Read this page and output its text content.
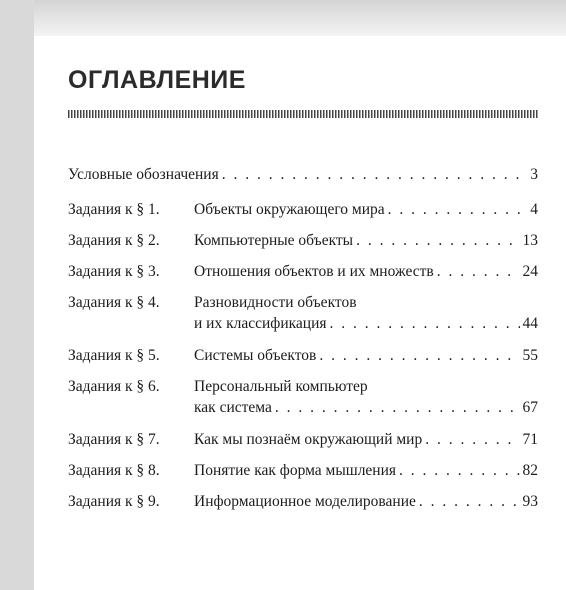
ОГЛАВЛЕНИЕ
Условные обозначения . . .	3
Задания к § 1.	Объекты окружающего мира . . .	4
Задания к § 2.	Компьютерные объекты . . .	13
Задания к § 3.	Отношения объектов и их множеств . . .	24
Задания к § 4.	Разновидности объектов
и их классификация . . .	44
Задания к § 5.	Системы объектов . . .	55
Задания к § 6.	Персональный компьютер
как система . . .	67
Задания к § 7.	Как мы познаём окружающий мир . . .	71
Задания к § 8.	Понятие как форма мышления . . .	82
Задания к § 9.	Информационное моделирование . . .	93
